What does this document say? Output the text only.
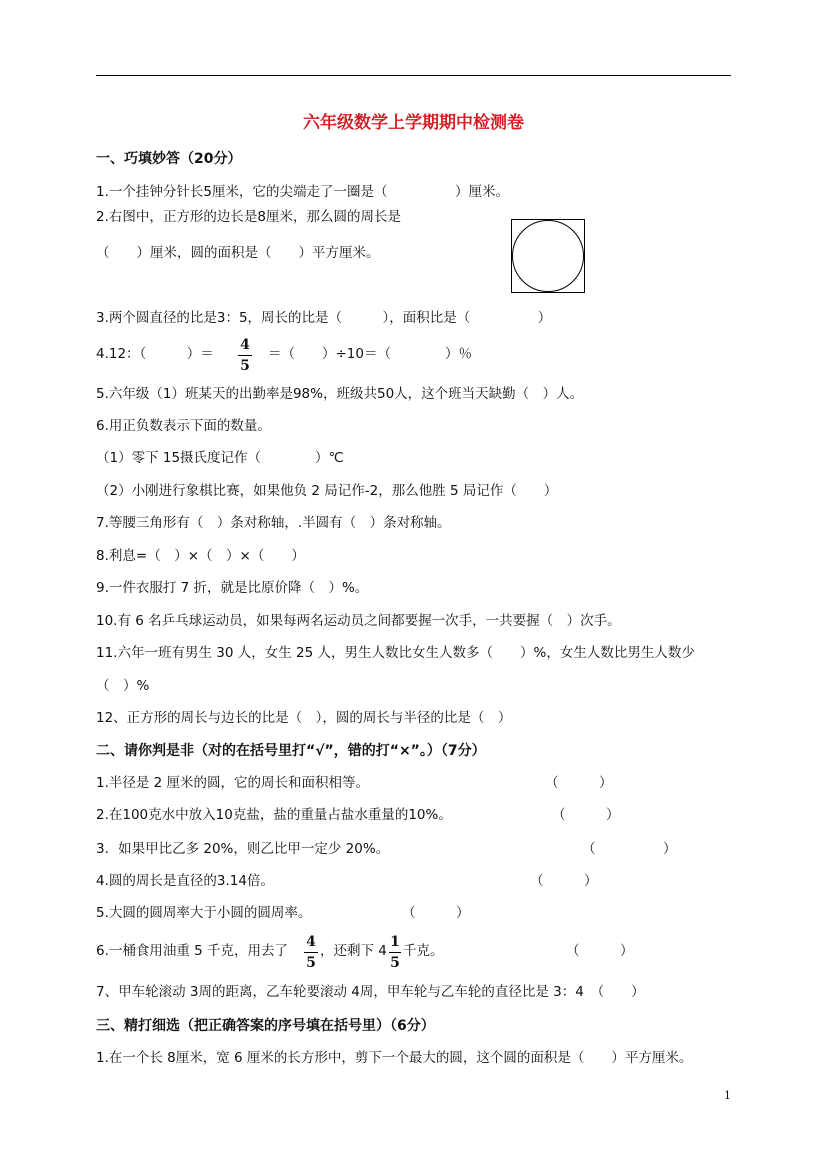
六年级数学上学期期中检测卷
一、巧填妙答（20分）
1.一个挂钟分针长5厘米，它的尖端走了一圈是（　　　　　）厘米。
2.右图中，正方形的边长是8厘米，那么圆的周长是
（　　）厘米，圆的面积是（　　）平方厘米。
3.两个圆直径的比是3：5，周长的比是（　　　），面积比是（　　　　　）
4.12：（　　　）＝
4
5
＝（　　）÷10＝（　　　　）％
5.六年级（1）班某天的出勤率是98%，班级共50人，这个班当天缺勤（　）人。
6.用正负数表示下面的数量。
（1）零下 15摄氏度记作（　　　　）℃
（2）小刚进行象棋比赛，如果他负 2 局记作-2，那么他胜 5 局记作（　　）
7.等腰三角形有（　）条对称轴，.半圆有（　）条对称轴。
8.利息=（　）×（　）×（　　）
9.一件衣服打 7 折，就是比原价降（　）%。
10.有 6 名乒乓球运动员，如果每两名运动员之间都要握一次手，一共要握（　）次手。
11.六年一班有男生 30 人，女生 25 人，男生人数比女生人数多（　　）%，女生人数比男生人数少
（　）%
12、正方形的周长与边长的比是（　），圆的周长与半径的比是（　）
二、请你判是非（对的在括号里打“√”，错的打“×”。）（7分）
1.半径是 2 厘米的圆，它的周长和面积相等。	（　　　）
2.在100克水中放入10克盐，盐的重量占盐水重量的10%。	（　　　）
3．如果甲比乙多 20%，则乙比甲一定少 20%。	（　　　　　）
4.圆的周长是直径的3.14倍。	（　　　）
5.大圆的圆周率大于小圆的圆周率。	（　　　）
6.一桶食用油重 5 千克，用去了
4
5
，还剩下 4
1
5
千克。	（　　　）
7、甲车轮滚动 3周的距离，乙车轮要滚动 4周，甲车轮与乙车轮的直径比是 3：4　（　　）
三、精打细选（把正确答案的序号填在括号里）（6分）
1.在一个长 8厘米，宽 6 厘米的长方形中，剪下一个最大的圆，这个圆的面积是（　　）平方厘米。
1
